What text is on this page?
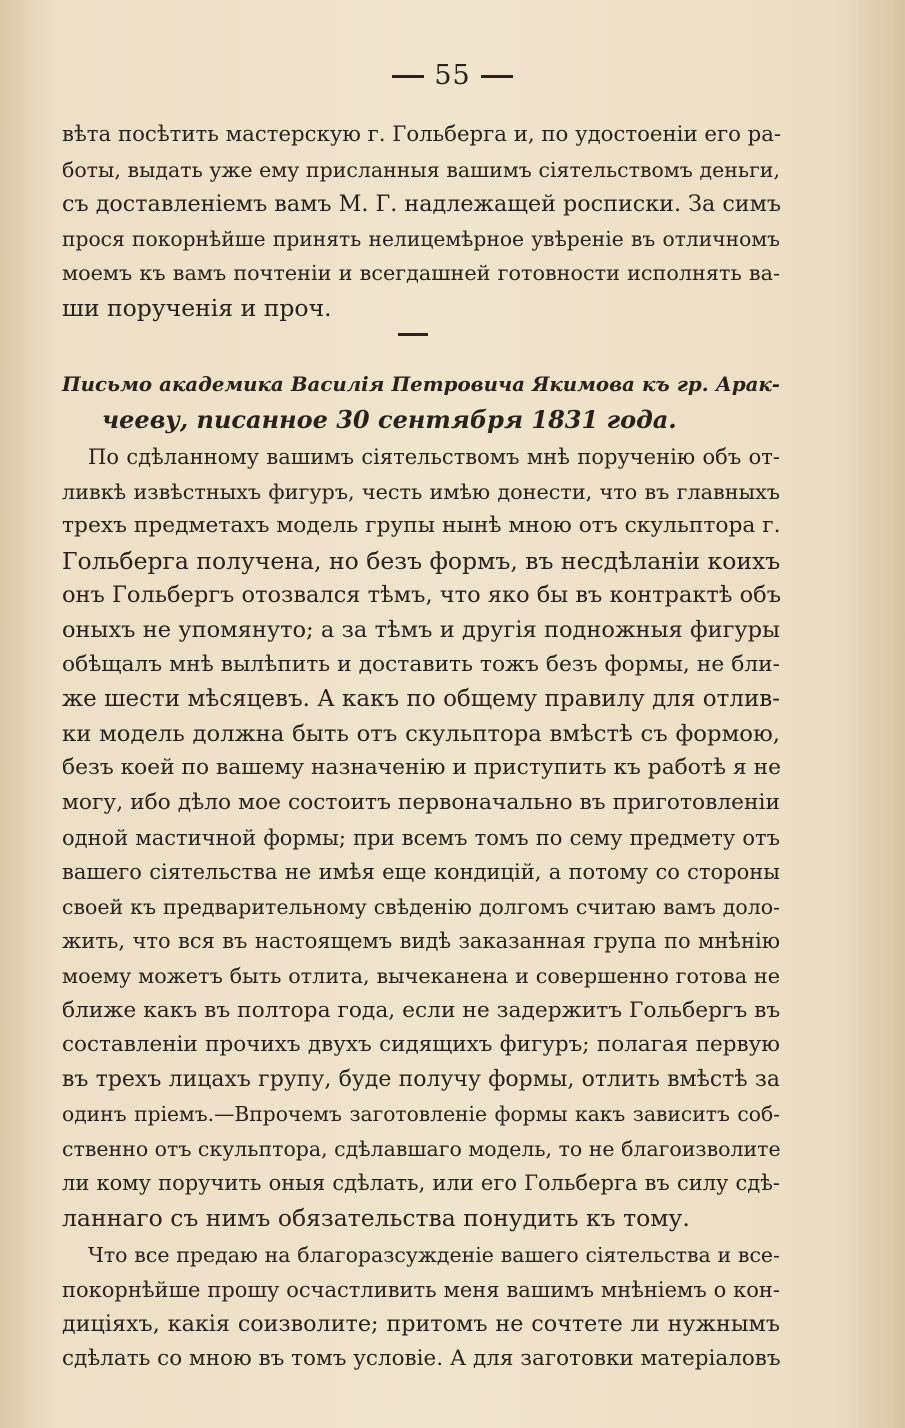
55
вѣта посѣтить мастерскую г. Гольберга и, по удостоеніи его ра-
боты, выдать уже ему присланныя вашимъ сіятельствомъ деньги,
съ доставленіемъ вамъ М. Г. надлежащей росписки. За симъ
прося покорнѣйше принять нелицемѣрное увѣреніе въ отличномъ
моемъ къ вамъ почтеніи и всегдашней готовности исполнять ва-
ши порученія и проч.
Письмо академика Василія Петровича Якимова къ гр. Арак-
чееву, писанное 30 сентября 1831 года.
По сдѣланному вашимъ сіятельствомъ мнѣ порученію объ от-
ливкѣ извѣстныхъ фигуръ, честь имѣю донести, что въ главныхъ
трехъ предметахъ модель групы нынѣ мною отъ скульптора г.
Гольберга получена, но безъ формъ, въ несдѣланіи коихъ
онъ Гольбергъ отозвался тѣмъ, что яко бы въ контрактѣ объ
оныхъ не упомянуто; а за тѣмъ и другія подножныя фигуры
обѣщалъ мнѣ вылѣпить и доставить тожъ безъ формы, не бли-
же шести мѣсяцевъ. А какъ по общему правилу для отлив-
ки модель должна быть отъ скульптора вмѣстѣ съ формою,
безъ коей по вашему назначенію и приступить къ работѣ я не
могу, ибо дѣло мое состоитъ первоначально въ приготовленіи
одной мастичной формы; при всемъ томъ по сему предмету отъ
вашего сіятельства не имѣя еще кондицій, а потому со стороны
своей къ предварительному свѣденію долгомъ считаю вамъ доло-
жить, что вся въ настоящемъ видѣ заказанная група по мнѣнію
моему можетъ быть отлита, вычеканена и совершенно готова не
ближе какъ въ полтора года, если не задержитъ Гольбергъ въ
составленіи прочихъ двухъ сидящихъ фигуръ; полагая первую
въ трехъ лицахъ групу, буде получу формы, отлить вмѣстѣ за
одинъ пріемъ.—Впрочемъ заготовленіе формы какъ зависитъ соб-
ственно отъ скульптора, сдѣлавшаго модель, то не благоизволите
ли кому поручить оныя сдѣлать, или его Гольберга въ силу сдѣ-
ланнаго съ нимъ обязательства понудить къ тому.
Что все предаю на благоразсужденіе вашего сіятельства и все-
покорнѣйше прошу осчастливить меня вашимъ мнѣніемъ о кон-
диціяхъ, какія соизволите; притомъ не сочтете ли нужнымъ
сдѣлать со мною въ томъ условіе. А для заготовки матеріаловъ
